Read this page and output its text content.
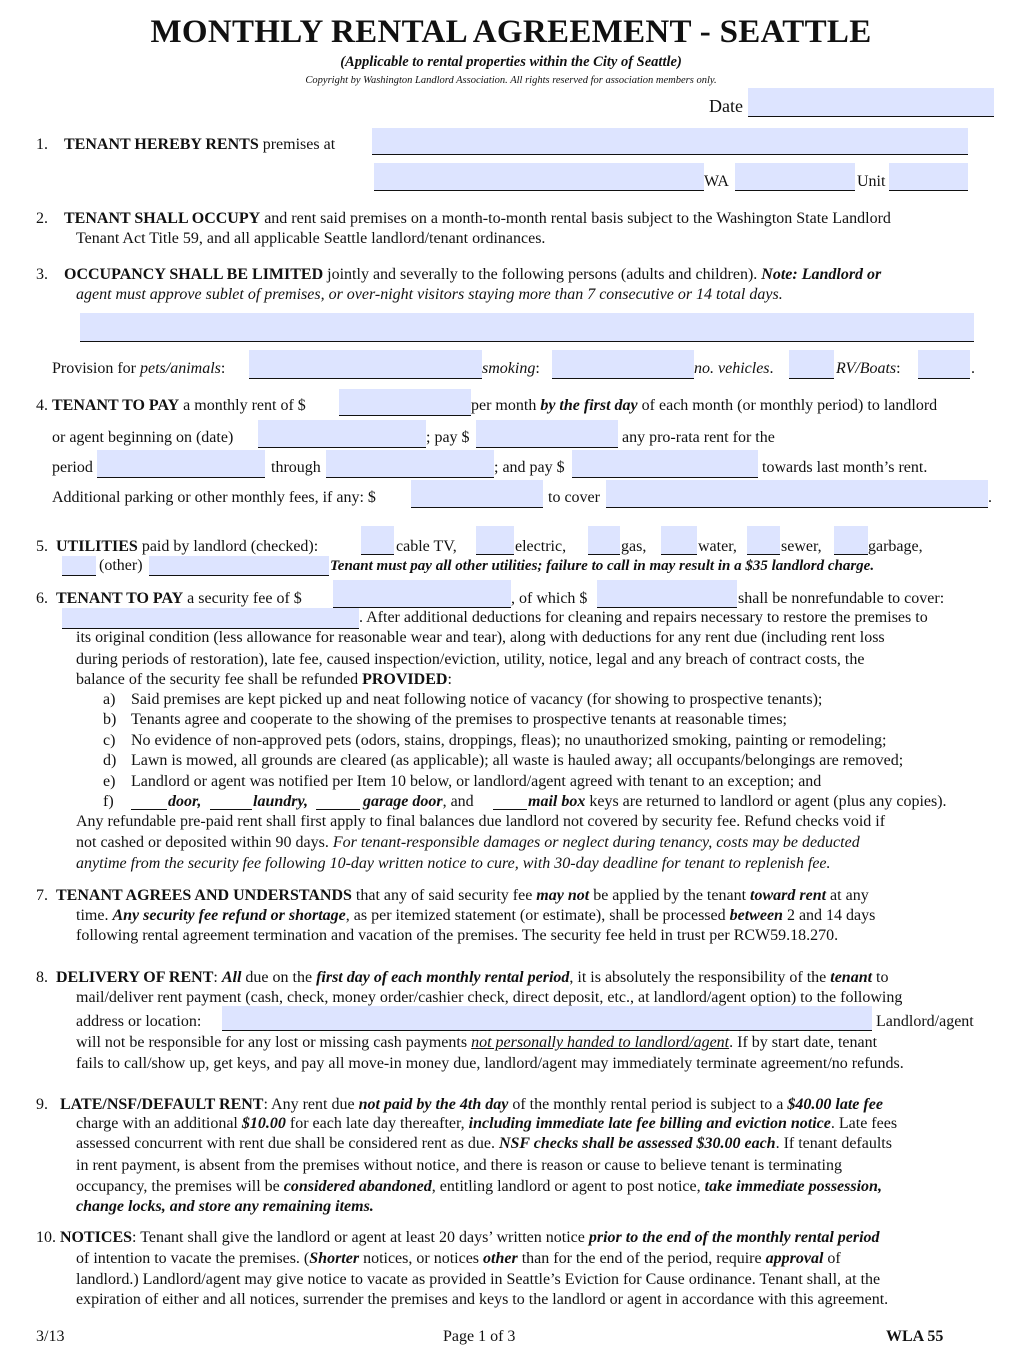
MONTHLY RENTAL AGREEMENT - SEATTLE
(Applicable to rental properties within the City of Seattle)
Copyright by Washington Landlord Association. All rights reserved for association members only.
Date
1. TENANT HEREBY RENTS premises at
WA	Unit
2. TENANT SHALL OCCUPY and rent said premises on a month-to-month rental basis subject to the Washington State Landlord
Tenant Act Title 59, and all applicable Seattle landlord/tenant ordinances.
3. OCCUPANCY SHALL BE LIMITED jointly and severally to the following persons (adults and children). Note: Landlord or
agent must approve sublet of premises, or over-night visitors staying more than 7 consecutive or 14 total days.
Provision for pets/animals:	smoking:	no. vehicles.	RV/Boats:	.
4. TENANT TO PAY a monthly rent of $	per month by the first day of each month (or monthly period) to landlord
or agent beginning on (date)	; pay $	any pro-rata rent for the
period	through	; and pay $	towards last month’s rent.
Additional parking or other monthly fees, if any: $	to cover	.
5. UTILITIES paid by landlord (checked):	cable TV,	electric,	gas,	water,	sewer,	garbage,
(other)	Tenant must pay all other utilities; failure to call in may result in a $35 landlord charge.
6. TENANT TO PAY a security fee of $	, of which $	shall be nonrefundable to cover:
. After additional deductions for cleaning and repairs necessary to restore the premises to
its original condition (less allowance for reasonable wear and tear), along with deductions for any rent due (including rent loss
during periods of restoration), late fee, caused inspection/eviction, utility, notice, legal and any breach of contract costs, the
balance of the security fee shall be refunded PROVIDED:
a) Said premises are kept picked up and neat following notice of vacancy (for showing to prospective tenants);
b) Tenants agree and cooperate to the showing of the premises to prospective tenants at reasonable times;
c) No evidence of non-approved pets (odors, stains, droppings, fleas); no unauthorized smoking, painting or remodeling;
d) Lawn is mowed, all grounds are cleared (as applicable); all waste is hauled away; all occupants/belongings are removed;
e) Landlord or agent was notified per Item 10 below, or landlord/agent agreed with tenant to an exception; and
f)	door,	laundry,	garage door, and	mail box keys are returned to landlord or agent (plus any copies).
Any refundable pre-paid rent shall first apply to final balances due landlord not covered by security fee. Refund checks void if
not cashed or deposited within 90 days. For tenant-responsible damages or neglect during tenancy, costs may be deducted
anytime from the security fee following 10-day written notice to cure, with 30-day deadline for tenant to replenish fee.
7. TENANT AGREES AND UNDERSTANDS that any of said security fee may not be applied by the tenant toward rent at any
time. Any security fee refund or shortage, as per itemized statement (or estimate), shall be processed between 2 and 14 days
following rental agreement termination and vacation of the premises. The security fee held in trust per RCW59.18.270.
8. DELIVERY OF RENT: All due on the first day of each monthly rental period, it is absolutely the responsibility of the tenant to
mail/deliver rent payment (cash, check, money order/cashier check, direct deposit, etc., at landlord/agent option) to the following
address or location:	Landlord/agent
will not be responsible for any lost or missing cash payments not personally handed to landlord/agent. If by start date, tenant
fails to call/show up, get keys, and pay all move-in money due, landlord/agent may immediately terminate agreement/no refunds.
9. LATE/NSF/DEFAULT RENT: Any rent due not paid by the 4th day of the monthly rental period is subject to a $40.00 late fee
charge with an additional $10.00 for each late day thereafter, including immediate late fee billing and eviction notice. Late fees
assessed concurrent with rent due shall be considered rent as due. NSF checks shall be assessed $30.00 each. If tenant defaults
in rent payment, is absent from the premises without notice, and there is reason or cause to believe tenant is terminating
occupancy, the premises will be considered abandoned, entitling landlord or agent to post notice, take immediate possession,
change locks, and store any remaining items.
10. NOTICES: Tenant shall give the landlord or agent at least 20 days’ written notice prior to the end of the monthly rental period
of intention to vacate the premises. (Shorter notices, or notices other than for the end of the period, require approval of
landlord.) Landlord/agent may give notice to vacate as provided in Seattle’s Eviction for Cause ordinance. Tenant shall, at the
expiration of either and all notices, surrender the premises and keys to the landlord or agent in accordance with this agreement.
3/13	Page 1 of 3	WLA 55
